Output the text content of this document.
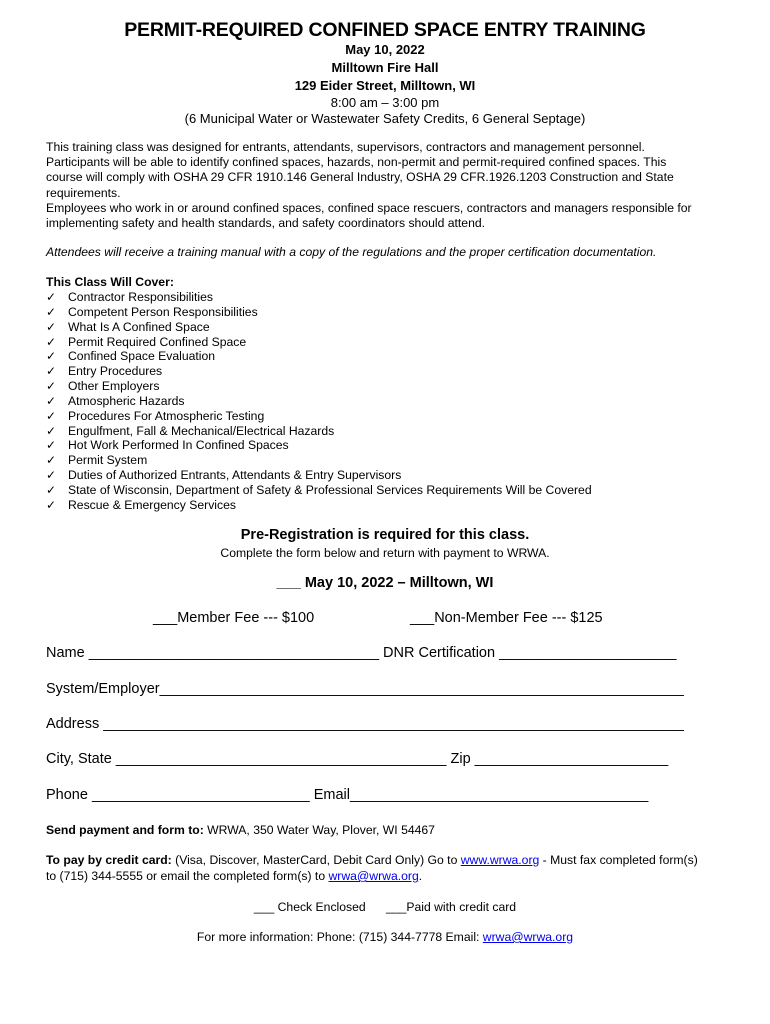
PERMIT-REQUIRED CONFINED SPACE ENTRY TRAINING
May 10, 2022
Milltown Fire Hall
129 Eider Street, Milltown, WI
8:00 am – 3:00 pm
(6 Municipal Water or Wastewater Safety Credits, 6 General Septage)
This training class was designed for entrants, attendants, supervisors, contractors and management personnel.
Participants will be able to identify confined spaces, hazards, non-permit and permit-required confined spaces. This
course will comply with OSHA 29 CFR 1910.146 General Industry, OSHA 29 CFR.1926.1203 Construction and State
requirements.
Employees who work in or around confined spaces, confined space rescuers, contractors and managers responsible for
implementing safety and health standards, and safety coordinators should attend.
Attendees will receive a training manual with a copy of the regulations and the proper certification documentation.
This Class Will Cover:
✓ Contractor Responsibilities
✓ Competent Person Responsibilities
✓ What Is A Confined Space
✓ Permit Required Confined Space
✓ Confined Space Evaluation
✓ Entry Procedures
✓ Other Employers
✓ Atmospheric Hazards
✓ Procedures For Atmospheric Testing
✓ Engulfment, Fall & Mechanical/Electrical Hazards
✓ Hot Work Performed In Confined Spaces
✓ Permit System
✓ Duties of Authorized Entrants, Attendants & Entry Supervisors
✓ State of Wisconsin, Department of Safety & Professional Services Requirements Will be Covered
✓ Rescue & Emergency Services
Pre-Registration is required for this class.
Complete the form below and return with payment to WRWA.
___ May 10, 2022 – Milltown, WI
___Member Fee --- $100	___Non-Member Fee --- $125
Name ____________________________________ DNR Certification ______________________
System/Employer_________________________________________________________________
Address ________________________________________________________________________
City, State _________________________________________ Zip ________________________
Phone ___________________________ Email_____________________________________
Send payment and form to: WRWA, 350 Water Way, Plover, WI 54467
To pay by credit card: (Visa, Discover, MasterCard, Debit Card Only) Go to www.wrwa.org - Must fax completed form(s)
to (715) 344-5555 or email the completed form(s) to wrwa@wrwa.org.
___ Check Enclosed ___Paid with credit card
For more information: Phone: (715) 344-7778 Email: wrwa@wrwa.org
